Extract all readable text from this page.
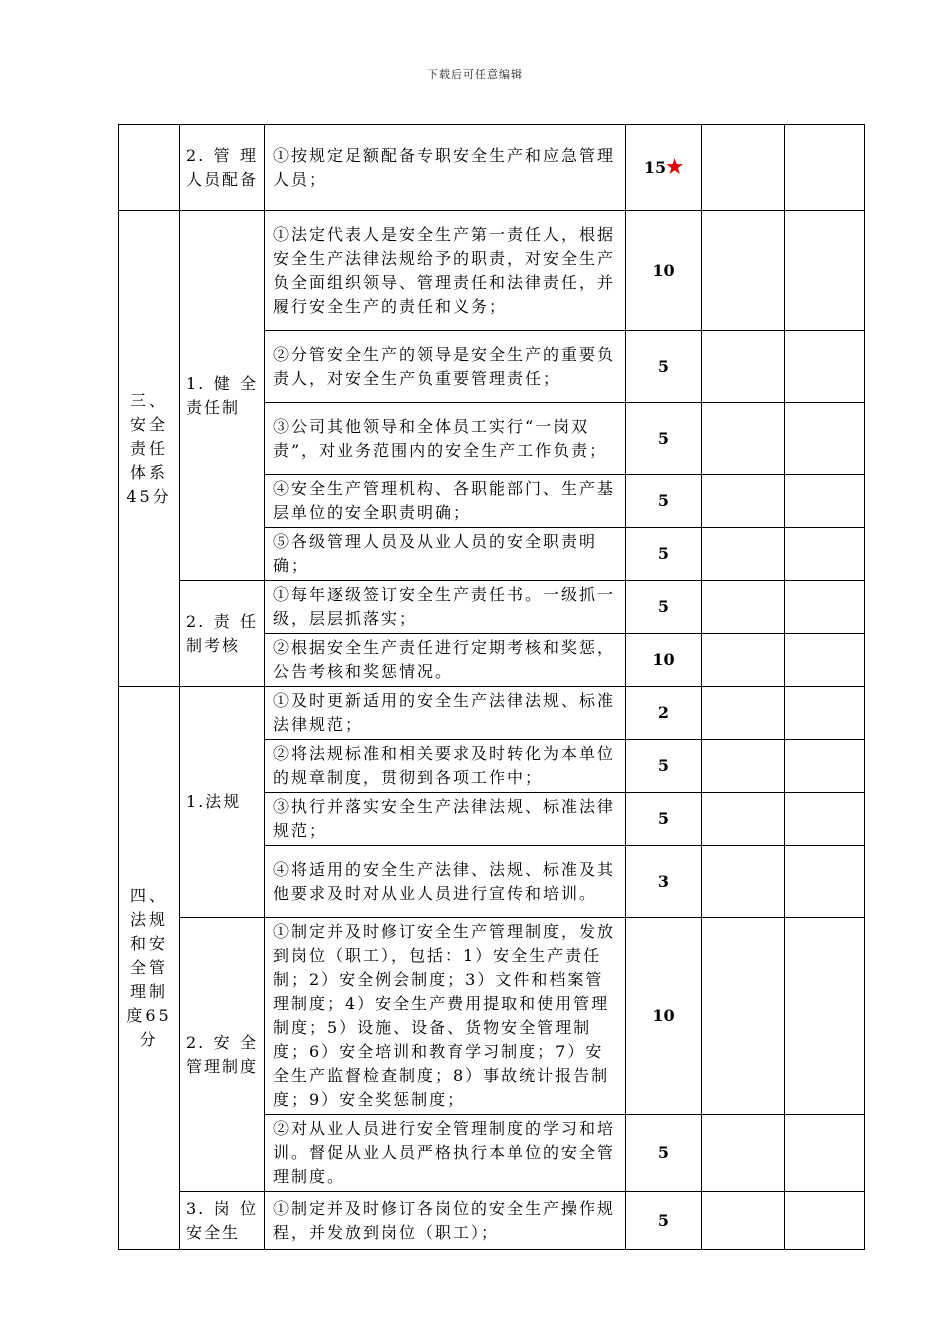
下载后可任意编辑
	2.管理人员配备	①按规定足额配备专职安全生产和应急管理人员；	15★		
三、安全责任体系45分	1.健全责任制	①法定代表人是安全生产第一责任人，根据安全生产法律法规给予的职责，对安全生产负全面组织领导、管理责任和法律责任，并履行安全生产的责任和义务；	10		
		②分管安全生产的领导是安全生产的重要负责人，对安全生产负重要管理责任；	5		
		③公司其他领导和全体员工实行“一岗双责”，对业务范围内的安全生产工作负责；	5		
		④安全生产管理机构、各职能部门、生产基层单位的安全职责明确；	5		
		⑤各级管理人员及从业人员的安全职责明确；	5		
	2.责任制考核	①每年逐级签订安全生产责任书。一级抓一级，层层抓落实；	5		
		②根据安全生产责任进行定期考核和奖惩，公告考核和奖惩情况。	10		
四、法规和安全管理制度65分	1.法规	①及时更新适用的安全生产法律法规、标准法律规范；	2		
		②将法规标准和相关要求及时转化为本单位的规章制度，贯彻到各项工作中；	5		
		③执行并落实安全生产法律法规、标准法律规范；	5		
		④将适用的安全生产法律、法规、标准及其他要求及时对从业人员进行宣传和培训。	3		
	2.安全管理制度	①制定并及时修订安全生产管理制度，发放到岗位（职工），包括：1）安全生产责任制；2）安全例会制度；3）文件和档案管理制度；4）安全生产费用提取和使用管理制度；5）设施、设备、货物安全管理制度；6）安全培训和教育学习制度；7）安全生产监督检查制度；8）事故统计报告制度；9）安全奖惩制度；	10		
		②对从业人员进行安全管理制度的学习和培训。督促从业人员严格执行本单位的安全管理制度。	5		
	3.岗位安全生	①制定并及时修订各岗位的安全生产操作规程，并发放到岗位（职工）；	5		
